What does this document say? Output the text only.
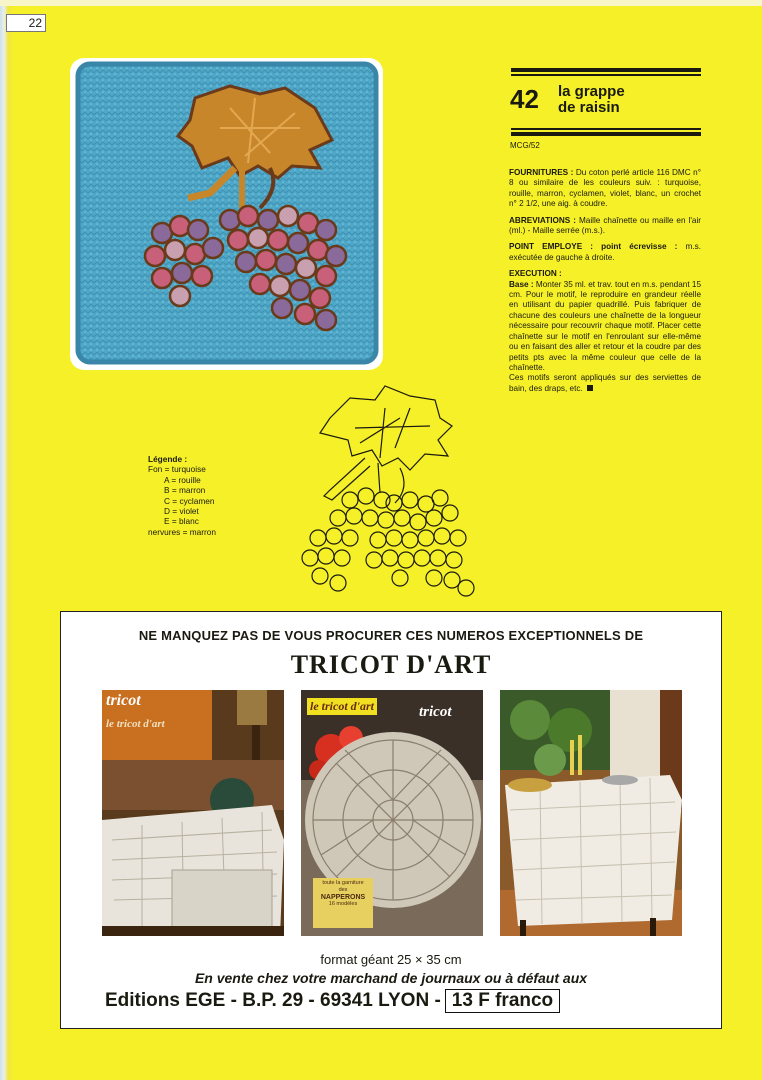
22
42 la grappe
de raisin
MCG/52

FOURNITURES : Du coton perlé article 116 DMC n° 8 ou similaire de les couleurs suiv. : turquoise, rouille, marron, cyclamen, violet, blanc, un crochet n° 2 1/2, une aig. à coudre.

ABREVIATIONS : Maille chaînette ou maille en l'air (ml.) - Maille serrée (m.s.).

POINT EMPLOYE : point écrevisse : m.s. exécutée de gauche à droite.

EXECUTION :

Base : Monter 35 ml. et trav. tout en m.s. pendant 15 cm. Pour le motif, le reproduire en grandeur réelle en utilisant du papier quadrillé. Puis fabriquer de chacune des couleurs une chaînette de la longueur nécessaire pour recouvrir chaque motif. Placer cette chaînette sur le motif en l'enroulant sur elle-même ou en faisant des aller et retour et la coudre par des petits pts avec la même couleur que celle de la chaînette.

Ces motifs seront appliqués sur des serviettes de bain, des draps, etc.

Légende :
Fon = turquoise
A = rouille
B = marron
C = cyclamen
D = violet
E = blanc
nervures = marron
NE MANQUEZ PAS DE VOUS PROCURER CES NUMEROS EXCEPTIONNELS DE
TRICOT D'ART
tricot
le tricot d'art
le tricot d'art	tricot
toute la garniture
des
NAPPERONS
16 modèles
format géant 25 × 35 cm
En vente chez votre marchand de journaux ou à défaut aux
Editions EGE - B.P. 29 - 69341 LYON - 13 F franco
